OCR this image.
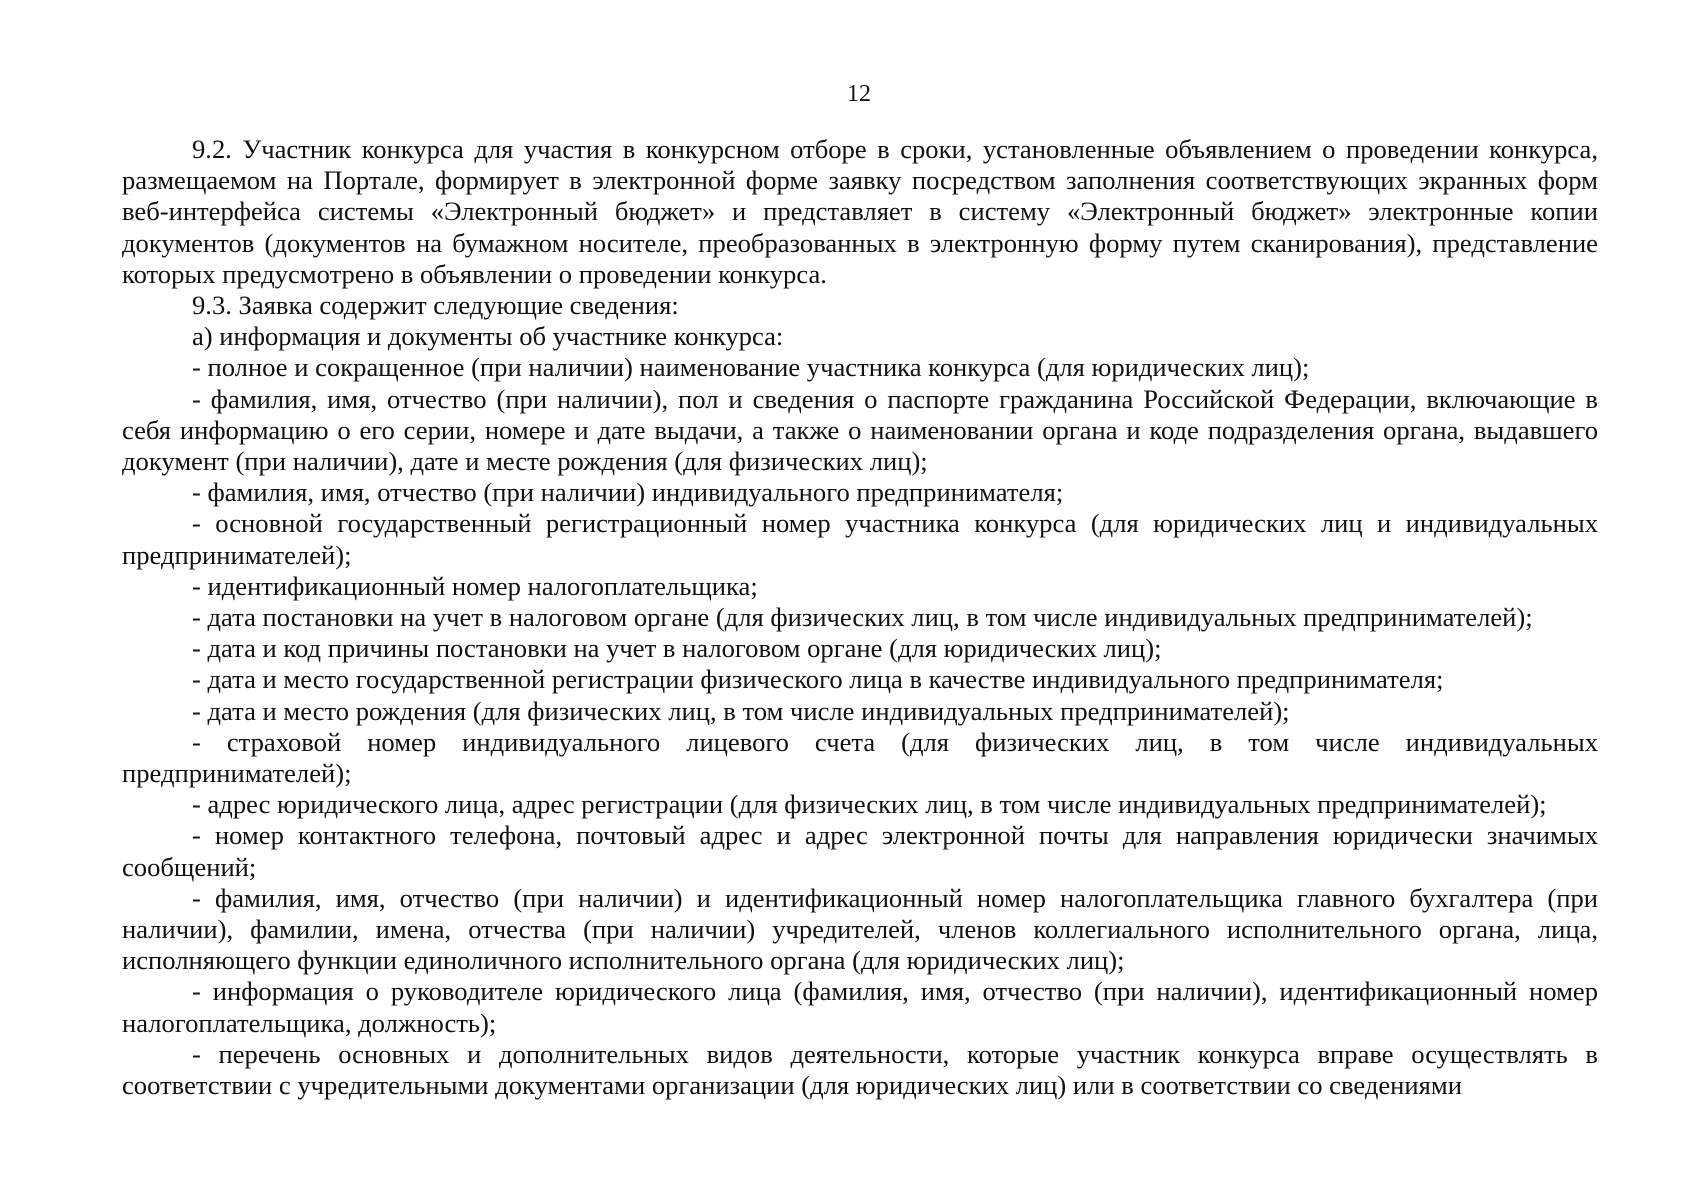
12

9.2. Участник конкурса для участия в конкурсном отборе в сроки, установленные объявлением о проведении конкурса, размещаемом на Портале, формирует в электронной форме заявку посредством заполнения соответствующих экранных форм веб-интерфейса системы «Электронный бюджет» и представляет в систему «Электронный бюджет» электронные копии документов (документов на бумажном носителе, преобразованных в электронную форму путем сканирования), представление которых предусмотрено в объявлении о проведении конкурса.

9.3. Заявка содержит следующие сведения:

а) информация и документы об участнике конкурса:

- полное и сокращенное (при наличии) наименование участника конкурса (для юридических лиц);

- фамилия, имя, отчество (при наличии), пол и сведения о паспорте гражданина Российской Федерации, включающие в себя информацию о его серии, номере и дате выдачи, а также о наименовании органа и коде подразделения органа, выдавшего документ (при наличии), дате и месте рождения (для физических лиц);

- фамилия, имя, отчество (при наличии) индивидуального предпринимателя;

- основной государственный регистрационный номер участника конкурса (для юридических лиц и индивидуальных предпринимателей);

- идентификационный номер налогоплательщика;

- дата постановки на учет в налоговом органе (для физических лиц, в том числе индивидуальных предпринимателей);

- дата и код причины постановки на учет в налоговом органе (для юридических лиц);

- дата и место государственной регистрации физического лица в качестве индивидуального предпринимателя;

- дата и место рождения (для физических лиц, в том числе индивидуальных предпринимателей);

- страховой номер индивидуального лицевого счета (для физических лиц, в том числе индивидуальных предпринимателей);

- адрес юридического лица, адрес регистрации (для физических лиц, в том числе индивидуальных предпринимателей);

- номер контактного телефона, почтовый адрес и адрес электронной почты для направления юридически значимых сообщений;

- фамилия, имя, отчество (при наличии) и идентификационный номер налогоплательщика главного бухгалтера (при наличии), фамилии, имена, отчества (при наличии) учредителей, членов коллегиального исполнительного органа, лица, исполняющего функции единоличного исполнительного органа (для юридических лиц);

- информация о руководителе юридического лица (фамилия, имя, отчество (при наличии), идентификационный номер налогоплательщика, должность);

- перечень основных и дополнительных видов деятельности, которые участник конкурса вправе осуществлять в соответствии с учредительными документами организации (для юридических лиц) или в соответствии со сведениями
